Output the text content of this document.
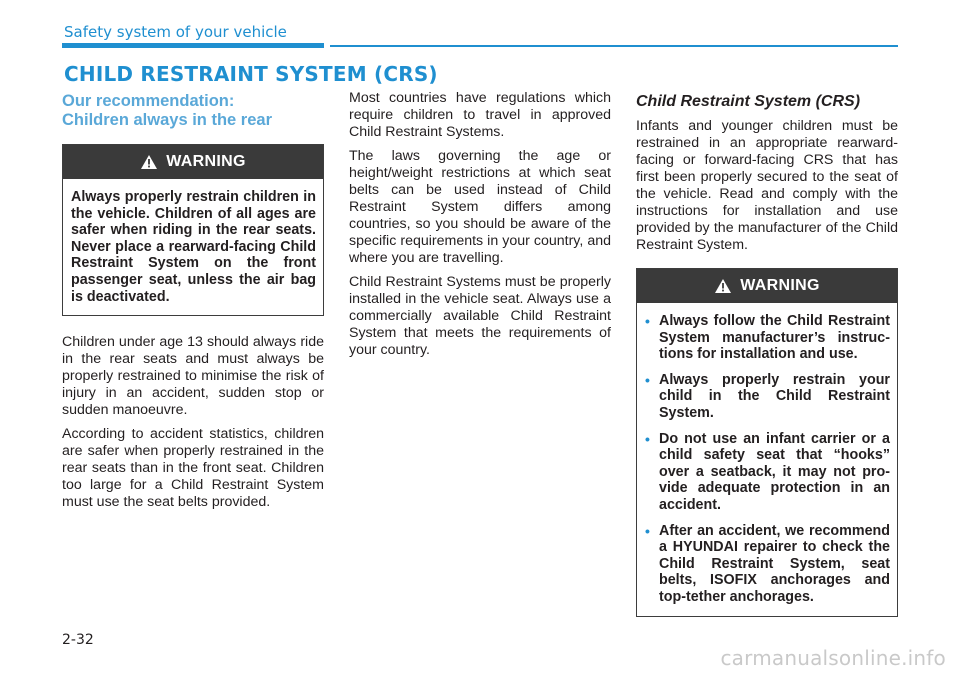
Safety system of your vehicle
CHILD RESTRAINT SYSTEM (CRS)
Our recommendation:
Children always in the rear
WARNING
Always properly restrain children in the vehicle. Children of all ages are safer when riding in the rear seats. Never place a rearward-facing Child Restraint System on the front passenger seat, unless the air bag is deactivated.

Children under age 13 should always ride in the rear seats and must always be properly restrained to minimise the risk of injury in an accident, sudden stop or sudden manoeuvre.

According to accident statistics, children are safer when properly restrained in the rear seats than in the front seat. Children too large for a Child Restraint System must use the seat belts provided.

Most countries have regulations which require children to travel in approved Child Restraint Systems.

The laws governing the age or height/weight restrictions at which seat belts can be used instead of Child Restraint System differs among countries, so you should be aware of the specific requirements in your country, and where you are travelling.

Child Restraint Systems must be properly installed in the vehicle seat. Always use a commercially available Child Restraint System that meets the requirements of your country.

Child Restraint System (CRS)

Infants and younger children must be restrained in an appropriate rearward-facing or forward-facing CRS that has first been properly secured to the seat of the vehicle. Read and comply with the instructions for installation and use provided by the manufacturer of the Child Restraint System.

WARNING
• Always follow the Child Restraint System manufacturer’s instructions for installation and use.
• Always properly restrain your child in the Child Restraint System.
• Do not use an infant carrier or a child safety seat that “hooks” over a seatback, it may not provide adequate protection in an accident.
• After an accident, we recommend a HYUNDAI repairer to check the Child Restraint System, seat belts, ISOFIX anchorages and top-tether anchorages.
2-32
carmanualsonline.info
